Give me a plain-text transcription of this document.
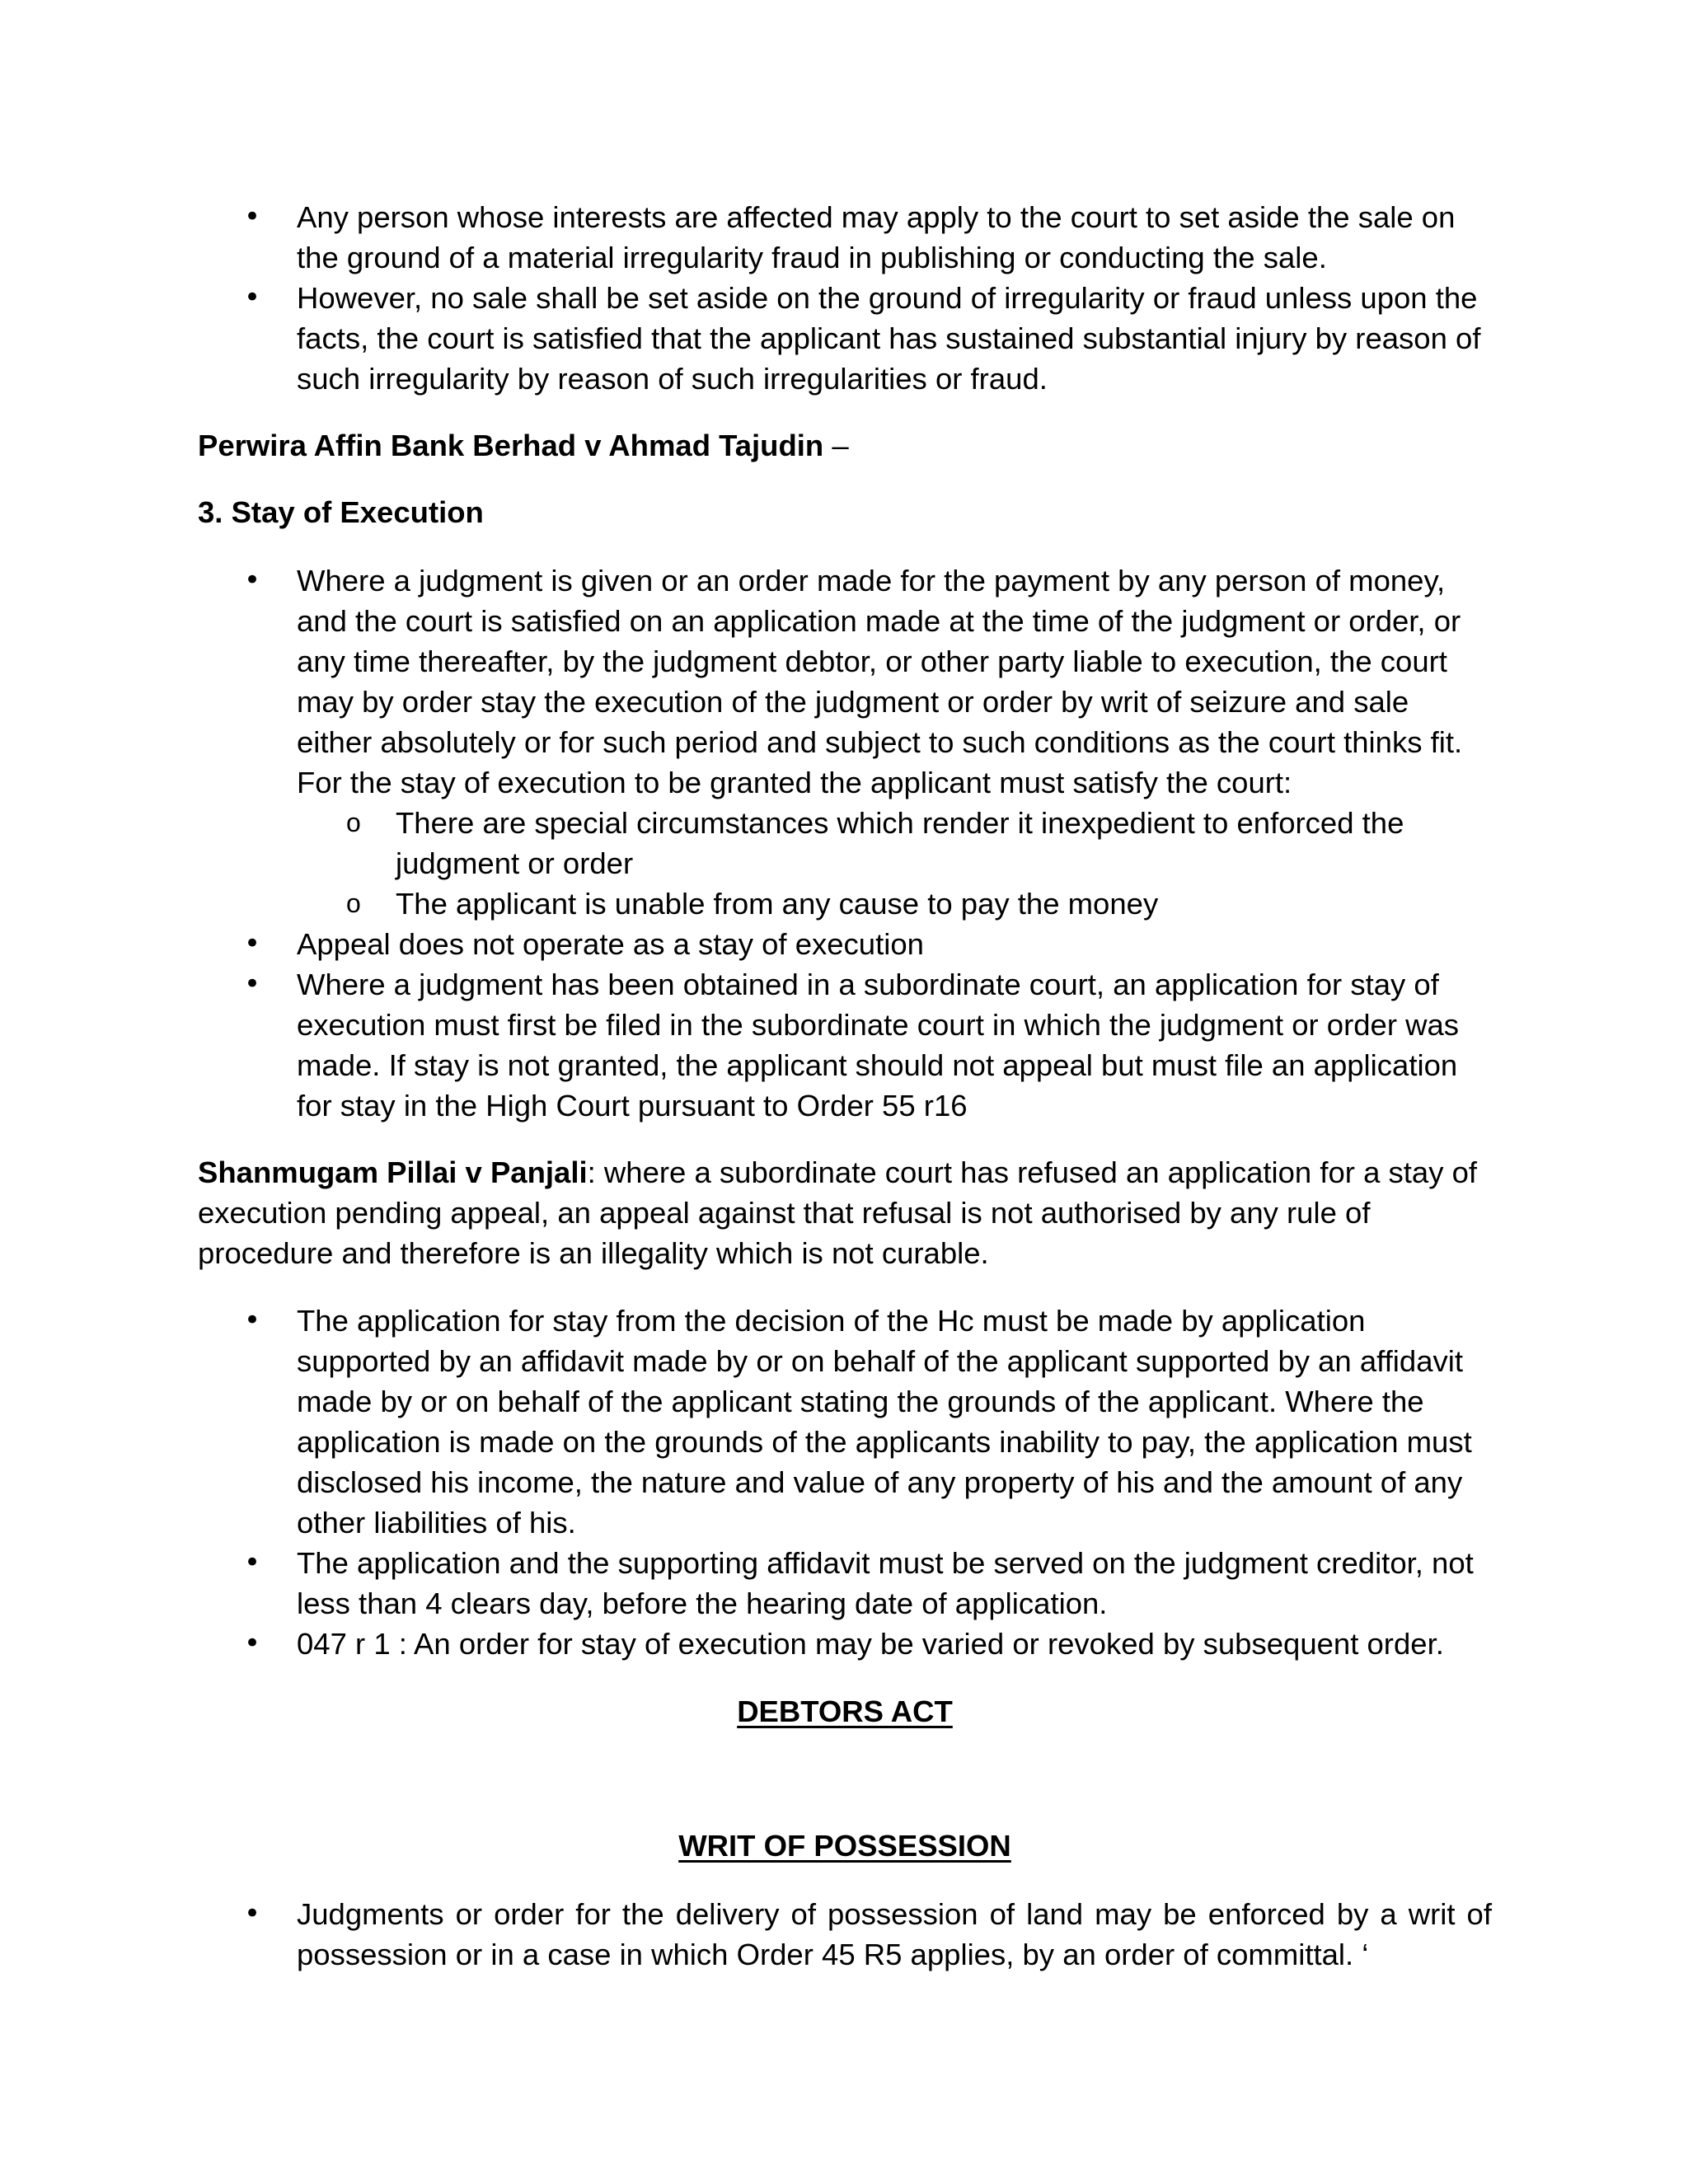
• Any person whose interests are affected may apply to the court to set aside the sale on the ground of a material irregularity fraud in publishing or conducting the sale.
• However, no sale shall be set aside on the ground of irregularity or fraud unless upon the facts, the court is satisfied that the applicant has sustained substantial injury by reason of such irregularity by reason of such irregularities or fraud.

Perwira Affin Bank Berhad v Ahmad Tajudin –

3. Stay of Execution

• Where a judgment is given or an order made for the payment by any person of money, and the court is satisfied on an application made at the time of the judgment or order, or any time thereafter, by the judgment debtor, or other party liable to execution, the court may by order stay the execution of the judgment or order by writ of seizure and sale either absolutely or for such period and subject to such conditions as the court thinks fit. For the stay of execution to be granted the applicant must satisfy the court:
o There are special circumstances which render it inexpedient to enforced the judgment or order
o The applicant is unable from any cause to pay the money
• Appeal does not operate as a stay of execution
• Where a judgment has been obtained in a subordinate court, an application for stay of execution must first be filed in the subordinate court in which the judgment or order was made. If stay is not granted, the applicant should not appeal but must file an application for stay in the High Court pursuant to Order 55 r16

Shanmugam Pillai v Panjali: where a subordinate court has refused an application for a stay of execution pending appeal, an appeal against that refusal is not authorised by any rule of procedure and therefore is an illegality which is not curable.

• The application for stay from the decision of the Hc must be made by application supported by an affidavit made by or on behalf of the applicant supported by an affidavit made by or on behalf of the applicant stating the grounds of the applicant. Where the application is made on the grounds of the applicants inability to pay, the application must disclosed his income, the nature and value of any property of his and the amount of any other liabilities of his.
• The application and the supporting affidavit must be served on the judgment creditor, not less than 4 clears day, before the hearing date of application.
• 047 r 1 : An order for stay of execution may be varied or revoked by subsequent order.

DEBTORS ACT

WRIT OF POSSESSION

• Judgments or order for the delivery of possession of land may be enforced by a writ of possession or in a case in which Order 45 R5 applies, by an order of committal. ‘
